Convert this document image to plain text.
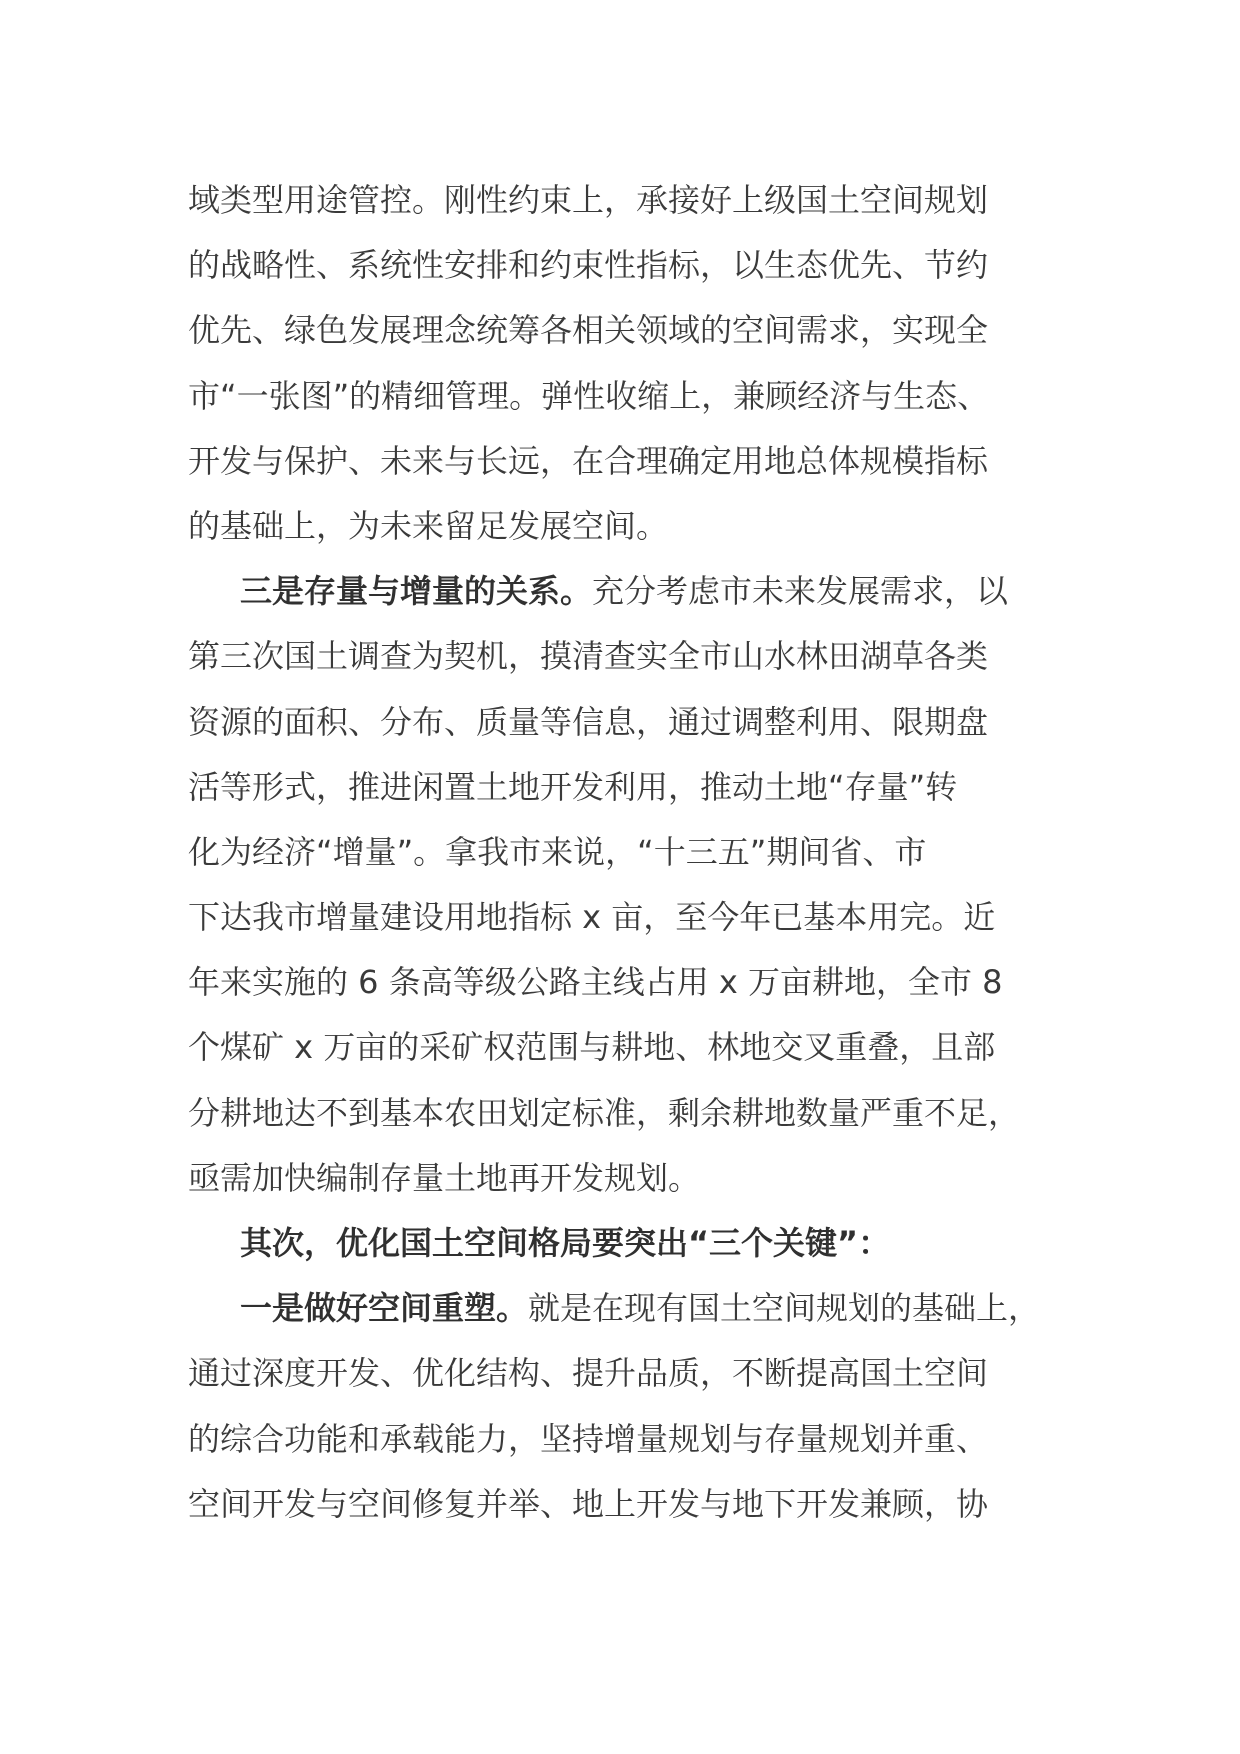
域类型用途管控。刚性约束上，承接好上级国土空间规划
的战略性、系统性安排和约束性指标，以生态优先、节约
优先、绿色发展理念统筹各相关领域的空间需求，实现全
市“一张图”的精细管理。弹性收缩上，兼顾经济与生态、
开发与保护、未来与长远，在合理确定用地总体规模指标
的基础上，为未来留足发展空间。
三是存量与增量的关系。充分考虑市未来发展需求，以
第三次国土调查为契机，摸清查实全市山水林田湖草各类
资源的面积、分布、质量等信息，通过调整利用、限期盘
活等形式，推进闲置土地开发利用，推动土地“存量”转
化为经济“增量”。拿我市来说，“十三五”期间省、市
下达我市增量建设用地指标 x 亩，至今年已基本用完。近
年来实施的 6 条高等级公路主线占用 x 万亩耕地，全市 8
个煤矿 x 万亩的采矿权范围与耕地、林地交叉重叠，且部
分耕地达不到基本农田划定标准，剩余耕地数量严重不足，
亟需加快编制存量土地再开发规划。
其次，优化国土空间格局要突出“三个关键”：
一是做好空间重塑。就是在现有国土空间规划的基础上，
通过深度开发、优化结构、提升品质，不断提高国土空间
的综合功能和承载能力，坚持增量规划与存量规划并重、
空间开发与空间修复并举、地上开发与地下开发兼顾，协
